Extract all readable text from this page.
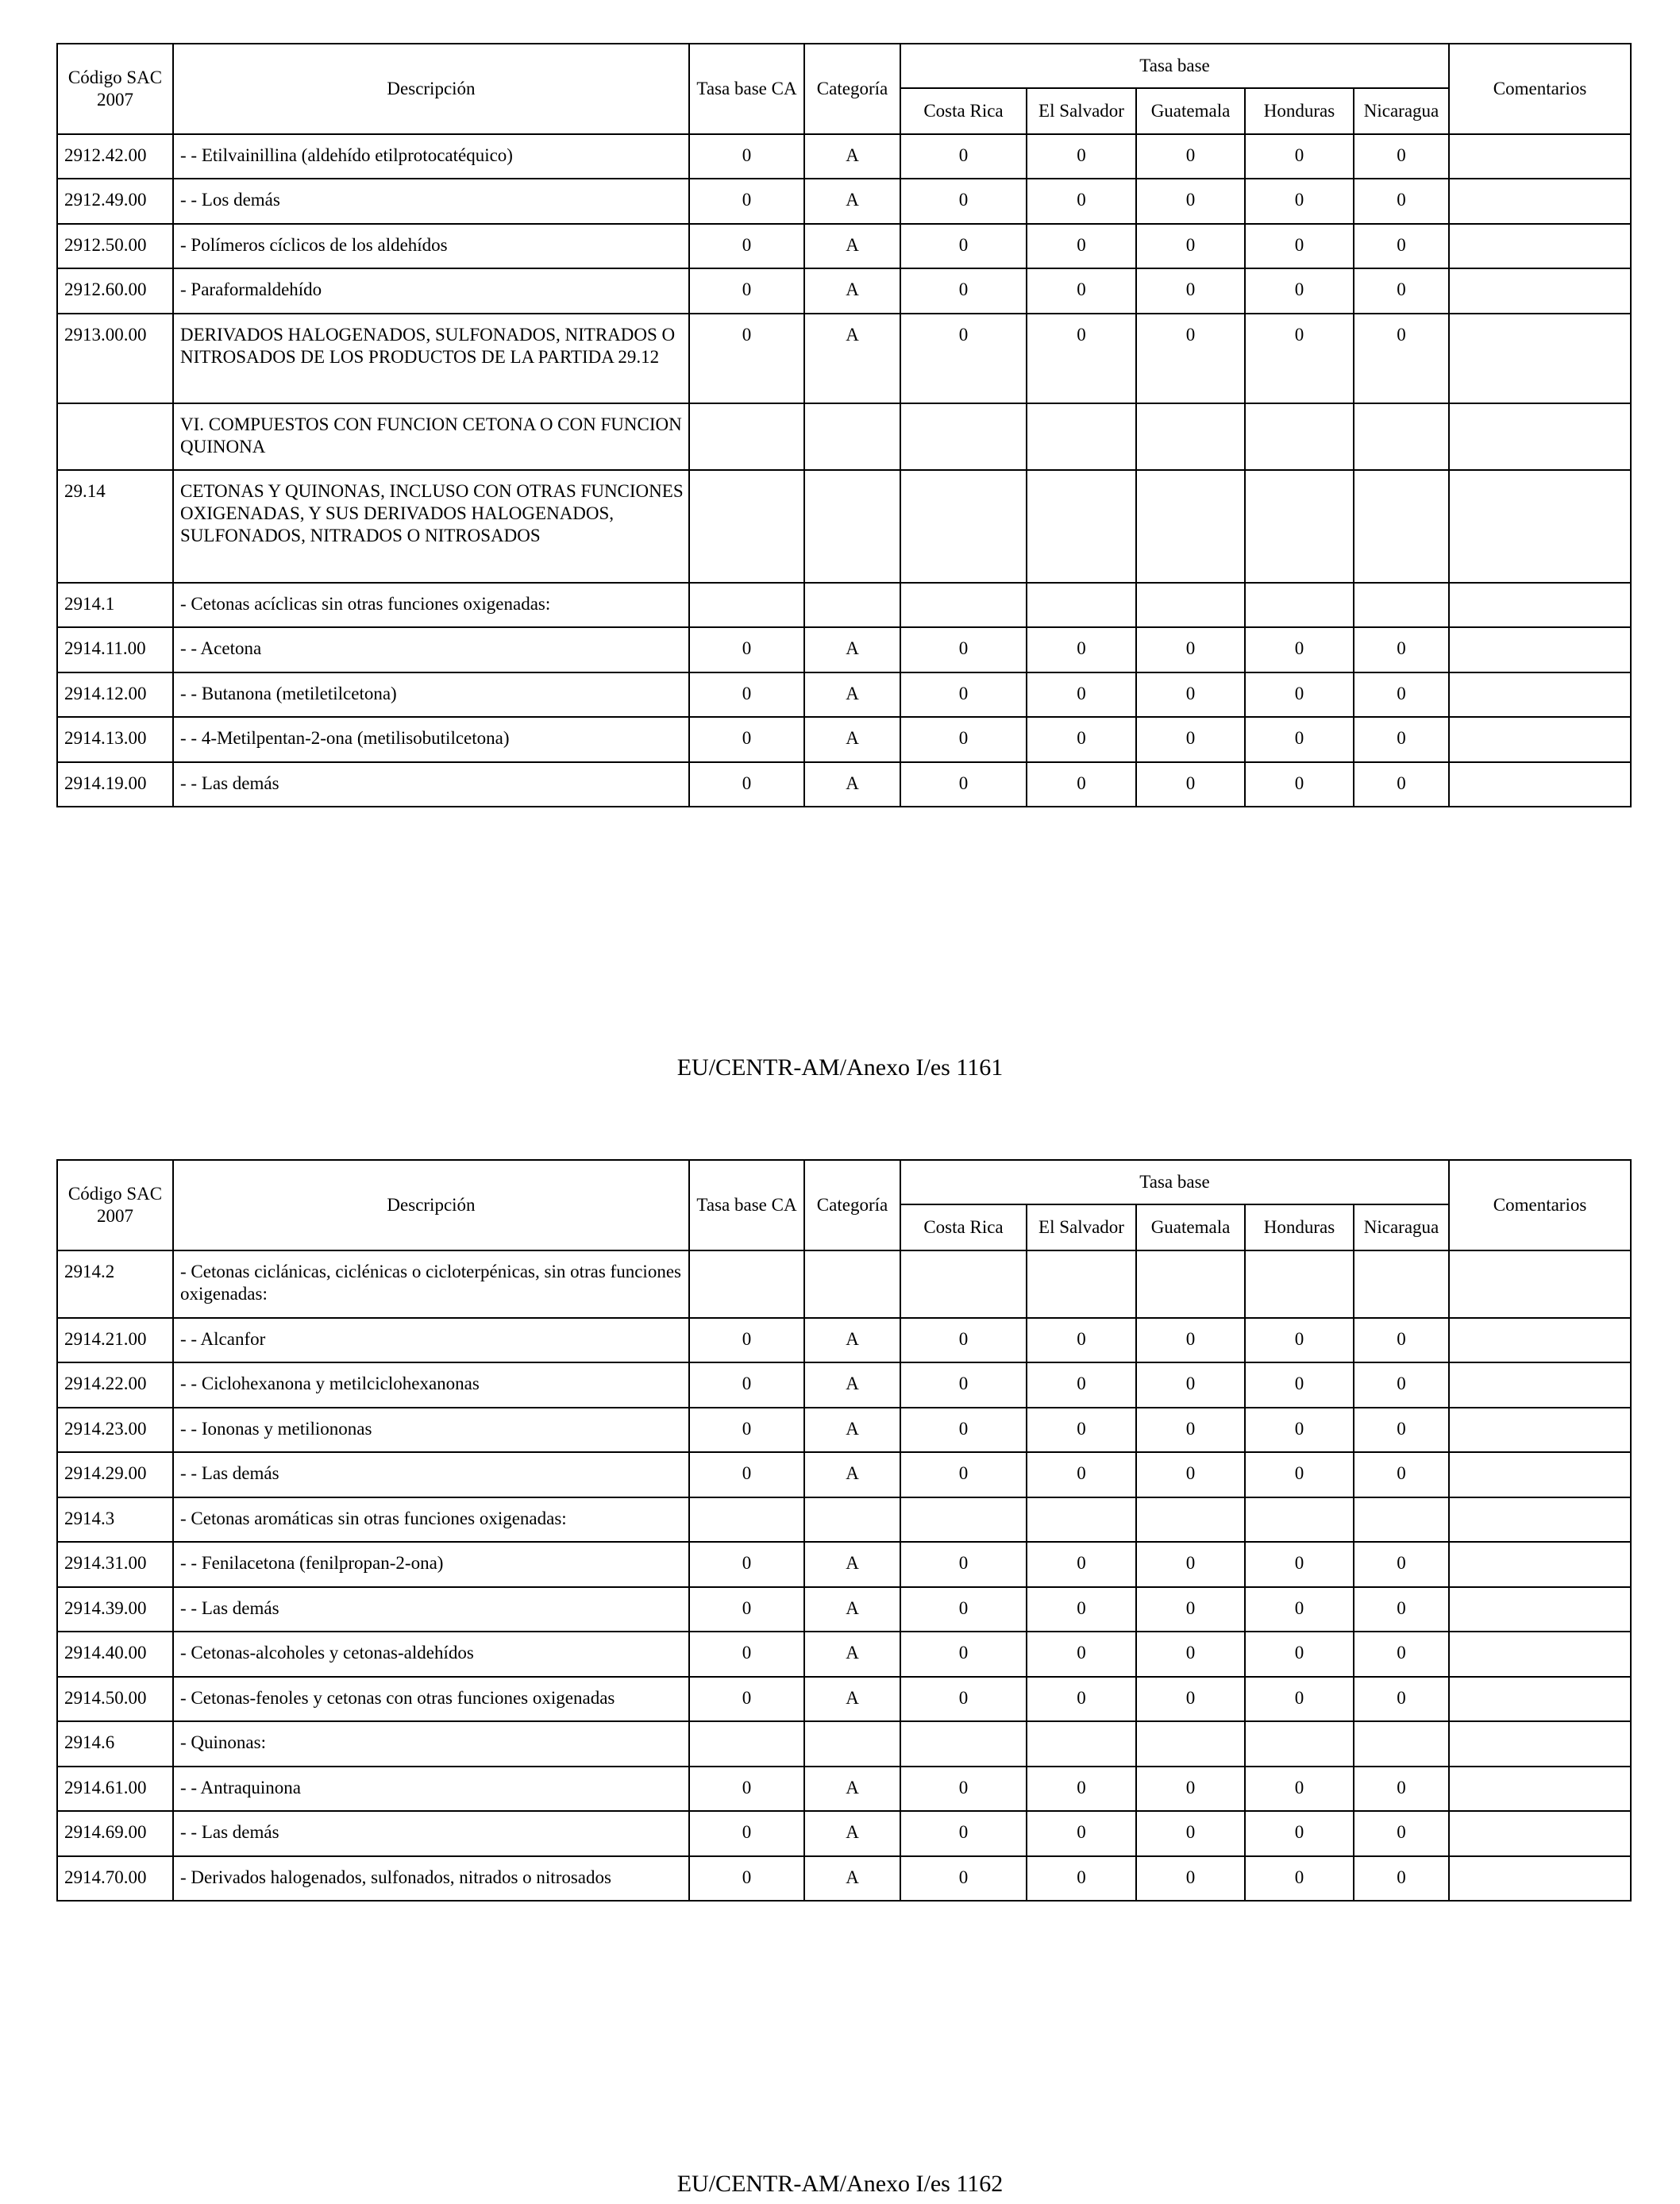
Código SAC 2007	Descripción	Tasa base CA	Categoría	Tasa base					Comentarios
				Costa Rica	El Salvador	Guatemala	Honduras	Nicaragua	
2912.42.00	- - Etilvainillina (aldehído etilprotocatéquico)	0	A	0	0	0	0	0	
2912.49.00	- - Los demás	0	A	0	0	0	0	0	
2912.50.00	- Polímeros cíclicos de los aldehídos	0	A	0	0	0	0	0	
2912.60.00	- Paraformaldehído	0	A	0	0	0	0	0	
2913.00.00	DERIVADOS HALOGENADOS, SULFONADOS, NITRADOS O NITROSADOS DE LOS PRODUCTOS DE LA PARTIDA 29.12	0	A	0	0	0	0	0	
	VI. COMPUESTOS CON FUNCION CETONA O CON FUNCION QUINONA								
29.14	CETONAS Y QUINONAS, INCLUSO CON OTRAS FUNCIONES OXIGENADAS, Y SUS DERIVADOS HALOGENADOS, SULFONADOS, NITRADOS O NITROSADOS								
2914.1	- Cetonas acíclicas sin otras funciones oxigenadas:								
2914.11.00	- - Acetona	0	A	0	0	0	0	0	
2914.12.00	- - Butanona (metiletilcetona)	0	A	0	0	0	0	0	
2914.13.00	- - 4-Metilpentan-2-ona (metilisobutilcetona)	0	A	0	0	0	0	0	
2914.19.00	- - Las demás	0	A	0	0	0	0	0	
EU/CENTR-AM/Anexo I/es 1161
Código SAC 2007	Descripción	Tasa base CA	Categoría	Tasa base					Comentarios
				Costa Rica	El Salvador	Guatemala	Honduras	Nicaragua	
2914.2	- Cetonas ciclánicas, ciclénicas o cicloterpénicas, sin otras funciones oxigenadas:								
2914.21.00	- - Alcanfor	0	A	0	0	0	0	0	
2914.22.00	- - Ciclohexanona y metilciclohexanonas	0	A	0	0	0	0	0	
2914.23.00	- - Iononas y metiliononas	0	A	0	0	0	0	0	
2914.29.00	- - Las demás	0	A	0	0	0	0	0	
2914.3	- Cetonas aromáticas sin otras funciones oxigenadas:								
2914.31.00	- - Fenilacetona (fenilpropan-2-ona)	0	A	0	0	0	0	0	
2914.39.00	- - Las demás	0	A	0	0	0	0	0	
2914.40.00	- Cetonas-alcoholes y cetonas-aldehídos	0	A	0	0	0	0	0	
2914.50.00	- Cetonas-fenoles y cetonas con otras funciones oxigenadas	0	A	0	0	0	0	0	
2914.6	- Quinonas:								
2914.61.00	- - Antraquinona	0	A	0	0	0	0	0	
2914.69.00	- - Las demás	0	A	0	0	0	0	0	
2914.70.00	- Derivados halogenados, sulfonados, nitrados o nitrosados	0	A	0	0	0	0	0	
EU/CENTR-AM/Anexo I/es 1162
